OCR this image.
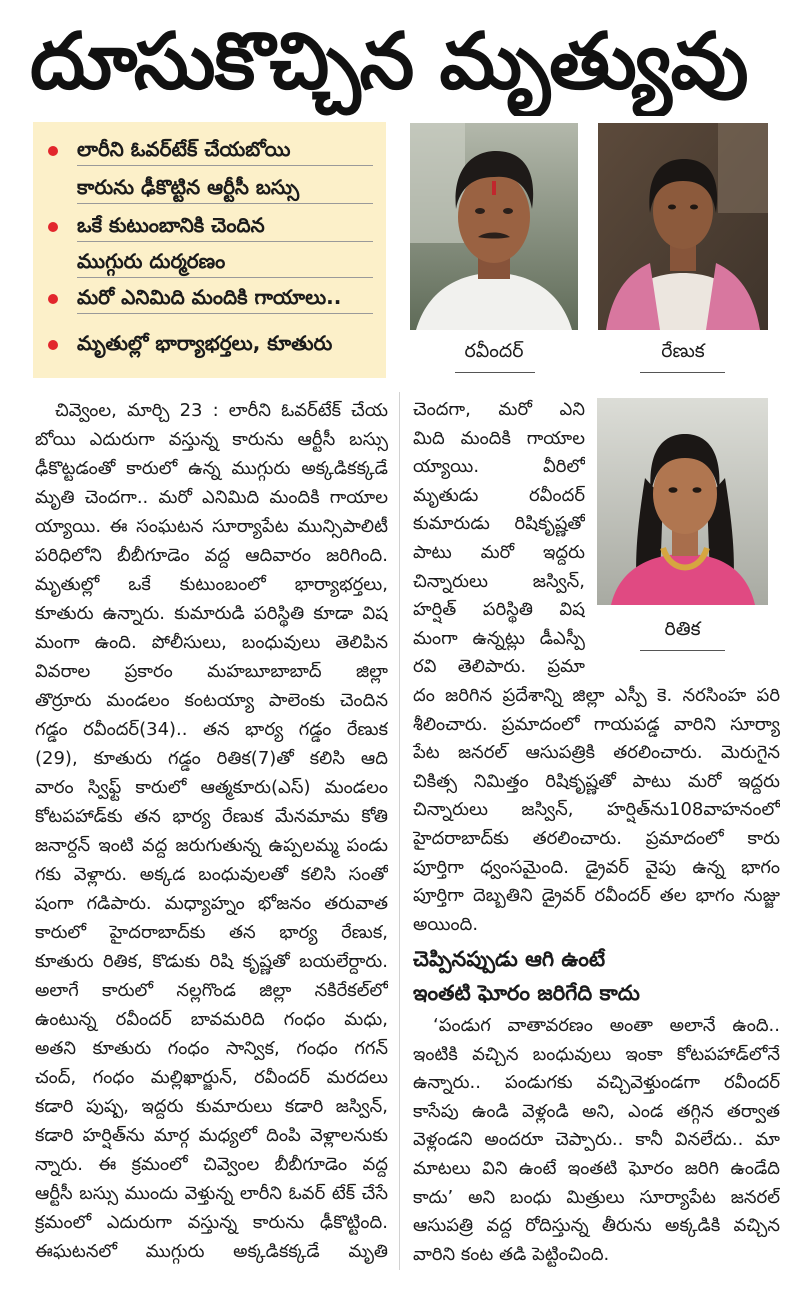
దూసుకొచ్చిన మృత్యువు
లారీని ఓవర్‌టేక్ చేయబోయి
కారును ఢీకొట్టిన ఆర్టీసీ బస్సు
ఒకే కుటుంబానికి చెందిన
ముగ్గురు దుర్మరణం
మరో ఎనిమిది మందికి గాయాలు..
మృతుల్లో భార్యాభర్తలు, కూతురు	రవీందర్	రేణుక
రితిక
చివ్వెంల, మార్చి 23 : లారీని ఓవర్‌టేక్ చేయ
బోయి ఎదురుగా వస్తున్న కారును ఆర్టీసీ బస్సు
ఢీకొట్టడంతో కారులో ఉన్న ముగ్గురు అక్కడికక్కడే
మృతి చెందగా.. మరో ఎనిమిది మందికి గాయాల
య్యాయి. ఈ సంఘటన సూర్యాపేట మున్సిపాలిటీ
పరిధిలోని బీబీగూడెం వద్ద ఆదివారం జరిగింది.
మృతుల్లో ఒకే కుటుంబంలో భార్యాభర్తలు,
కూతురు ఉన్నారు. కుమారుడి పరిస్థితి కూడా విష
మంగా ఉంది. పోలీసులు, బంధువులు తెలిపిన
వివరాల ప్రకారం మహబూబాబాద్ జిల్లా
తొర్రూరు మండలం కంటయ్యా పాలెంకు చెందిన
గడ్డం రవీందర్(34).. తన భార్య గడ్డం రేణుక
(29), కూతురు గడ్డం రితిక(7)తో కలిసి ఆది
వారం స్విఫ్ట్ కారులో ఆత్మకూరు(ఎస్) మండలం
కోటపహాడ్‌కు తన భార్య రేణుక మేనమామ కోతి
జనార్దన్ ఇంటి వద్ద జరుగుతున్న ఉప్పలమ్మ పండు
గకు వెళ్లారు. అక్కడ బంధువులతో కలిసి సంతో
షంగా గడిపారు. మధ్యాహ్నం భోజనం తరువాత
కారులో హైదరాబాద్‌కు తన భార్య రేణుక,
కూతురు రితిక, కొడుకు రిషి కృష్ణతో బయలేర్దారు.
అలాగే కారులో నల్లగొండ జిల్లా నకిరేకల్‌లో
ఉంటున్న రవీందర్ బావమరిది గంధం మధు,
అతని కూతురు గంధం సాన్విక, గంధం గగన్
చంద్, గంధం మల్లిఖార్జున్, రవీందర్ మరదలు
కడారి పుష్ప, ఇద్దరు కుమారులు కడారి జస్విన్,
కడారి హర్షిత్‌ను మార్గ మధ్యలో దింపి వెళ్లాలనుకు
న్నారు. ఈ క్రమంలో చివ్వెంల బీబీగూడెం వద్ద
ఆర్టీసీ బస్సు ముందు వెళ్తున్న లారీని ఓవర్ టేక్ చేసే
క్రమంలో ఎదురుగా వస్తున్న కారును ఢీకొట్టింది.
ఈఘటనలో ముగ్గురు అక్కడికక్కడే మృతి
చెందగా, మరో ఎని
మిది మందికి గాయాల
య్యాయి. వీరిలో
మృతుడు రవీందర్
కుమారుడు రిషికృష్ణతో
పాటు మరో ఇద్దరు
చిన్నారులు జస్విన్,
హర్షిత్ పరిస్థితి విష
మంగా ఉన్నట్లు డీఎస్పీ
రవి తెలిపారు. ప్రమా
దం జరిగిన ప్రదేశాన్ని జిల్లా ఎస్పీ కె. నరసింహ పరి
శీలించారు. ప్రమాదంలో గాయపడ్డ వారిని సూర్యా
పేట జనరల్ ఆసుపత్రికి తరలించారు. మెరుగైన
చికిత్స నిమిత్తం రిషికృష్ణతో పాటు మరో ఇద్దరు
చిన్నారులు జస్విన్, హర్షిత్‌ను108వాహనంలో
హైదరాబాద్‌కు తరలించారు. ప్రమాదంలో కారు
పూర్తిగా ధ్వంసమైంది. డ్రైవర్ వైపు ఉన్న భాగం
పూర్తిగా దెబ్బతిని డ్రైవర్ రవీందర్ తల భాగం నుజ్జు
అయింది.
చెప్పినప్పుడు ఆగి ఉంటే
ఇంతటి ఘోరం జరిగేది కాదు
‘పండుగ వాతావరణం అంతా అలానే ఉంది..
ఇంటికి వచ్చిన బంధువులు ఇంకా కోటపహాడ్‌లోనే
ఉన్నారు.. పండుగకు వచ్చివెళ్తుండగా రవీందర్
కాసేపు ఉండి వెళ్లండి అని, ఎండ తగ్గిన తర్వాత
వెళ్లండని అందరూ చెప్పారు.. కానీ వినలేదు.. మా
మాటలు విని ఉంటే ఇంతటి ఘోరం జరిగి ఉండేది
కాదు’ అని బంధు మిత్రులు సూర్యాపేట జనరల్
ఆసుపత్రి వద్ద రోదిస్తున్న తీరును అక్కడికి వచ్చిన
వారిని కంట తడి పెట్టించింది.
